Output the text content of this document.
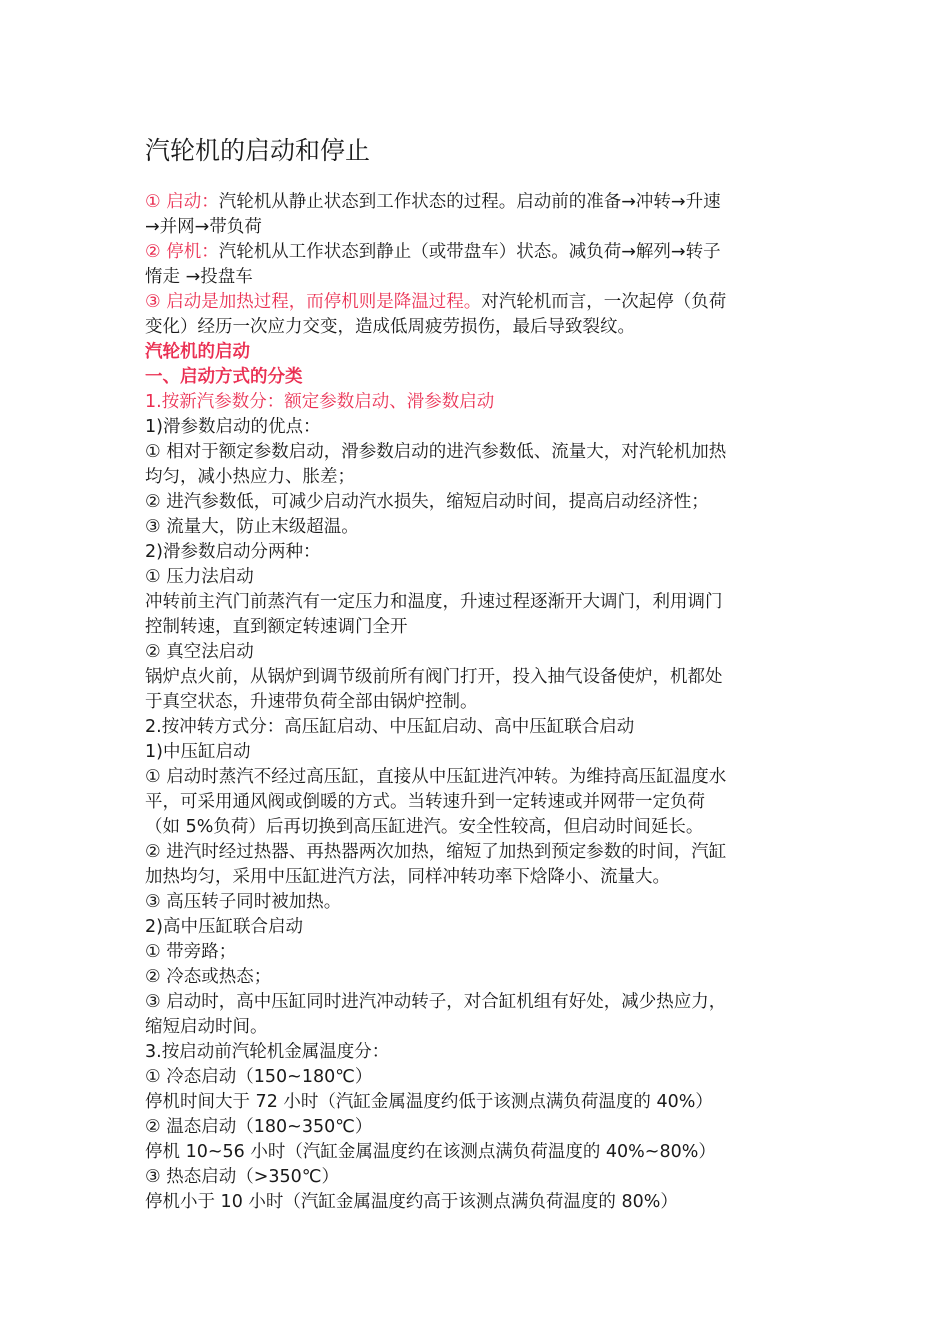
汽轮机的启动和停止
① 启动：汽轮机从静止状态到工作状态的过程。启动前的准备→冲转→升速
→并网→带负荷
② 停机：汽轮机从工作状态到静止（或带盘车）状态。减负荷→解列→转子
惰走 →投盘车
③ 启动是加热过程，而停机则是降温过程。对汽轮机而言，一次起停（负荷
变化）经历一次应力交变，造成低周疲劳损伤，最后导致裂纹。
汽轮机的启动
一、启动方式的分类
1.按新汽参数分：额定参数启动、滑参数启动
1)滑参数启动的优点：
① 相对于额定参数启动，滑参数启动的进汽参数低、流量大，对汽轮机加热
均匀，减小热应力、胀差；
② 进汽参数低，可减少启动汽水损失，缩短启动时间，提高启动经济性；
③ 流量大，防止末级超温。
2)滑参数启动分两种：
① 压力法启动
冲转前主汽门前蒸汽有一定压力和温度，升速过程逐渐开大调门，利用调门
控制转速，直到额定转速调门全开
② 真空法启动
锅炉点火前，从锅炉到调节级前所有阀门打开，投入抽气设备使炉，机都处
于真空状态，升速带负荷全部由锅炉控制。
2.按冲转方式分：高压缸启动、中压缸启动、高中压缸联合启动
1)中压缸启动
① 启动时蒸汽不经过高压缸，直接从中压缸进汽冲转。为维持高压缸温度水
平，可采用通风阀或倒暖的方式。当转速升到一定转速或并网带一定负荷
（如 5%负荷）后再切换到高压缸进汽。安全性较高，但启动时间延长。
② 进汽时经过热器、再热器两次加热，缩短了加热到预定参数的时间，汽缸
加热均匀，采用中压缸进汽方法，同样冲转功率下焓降小、流量大。
③ 高压转子同时被加热。
2)高中压缸联合启动
① 带旁路；
② 冷态或热态；
③ 启动时，高中压缸同时进汽冲动转子，对合缸机组有好处，减少热应力，
缩短启动时间。
3.按启动前汽轮机金属温度分：
① 冷态启动（150~180℃）
停机时间大于 72 小时（汽缸金属温度约低于该测点满负荷温度的 40%）
② 温态启动（180~350℃）
停机 10~56 小时（汽缸金属温度约在该测点满负荷温度的 40%~80%）
③ 热态启动（>350℃）
停机小于 10 小时（汽缸金属温度约高于该测点满负荷温度的 80%）
